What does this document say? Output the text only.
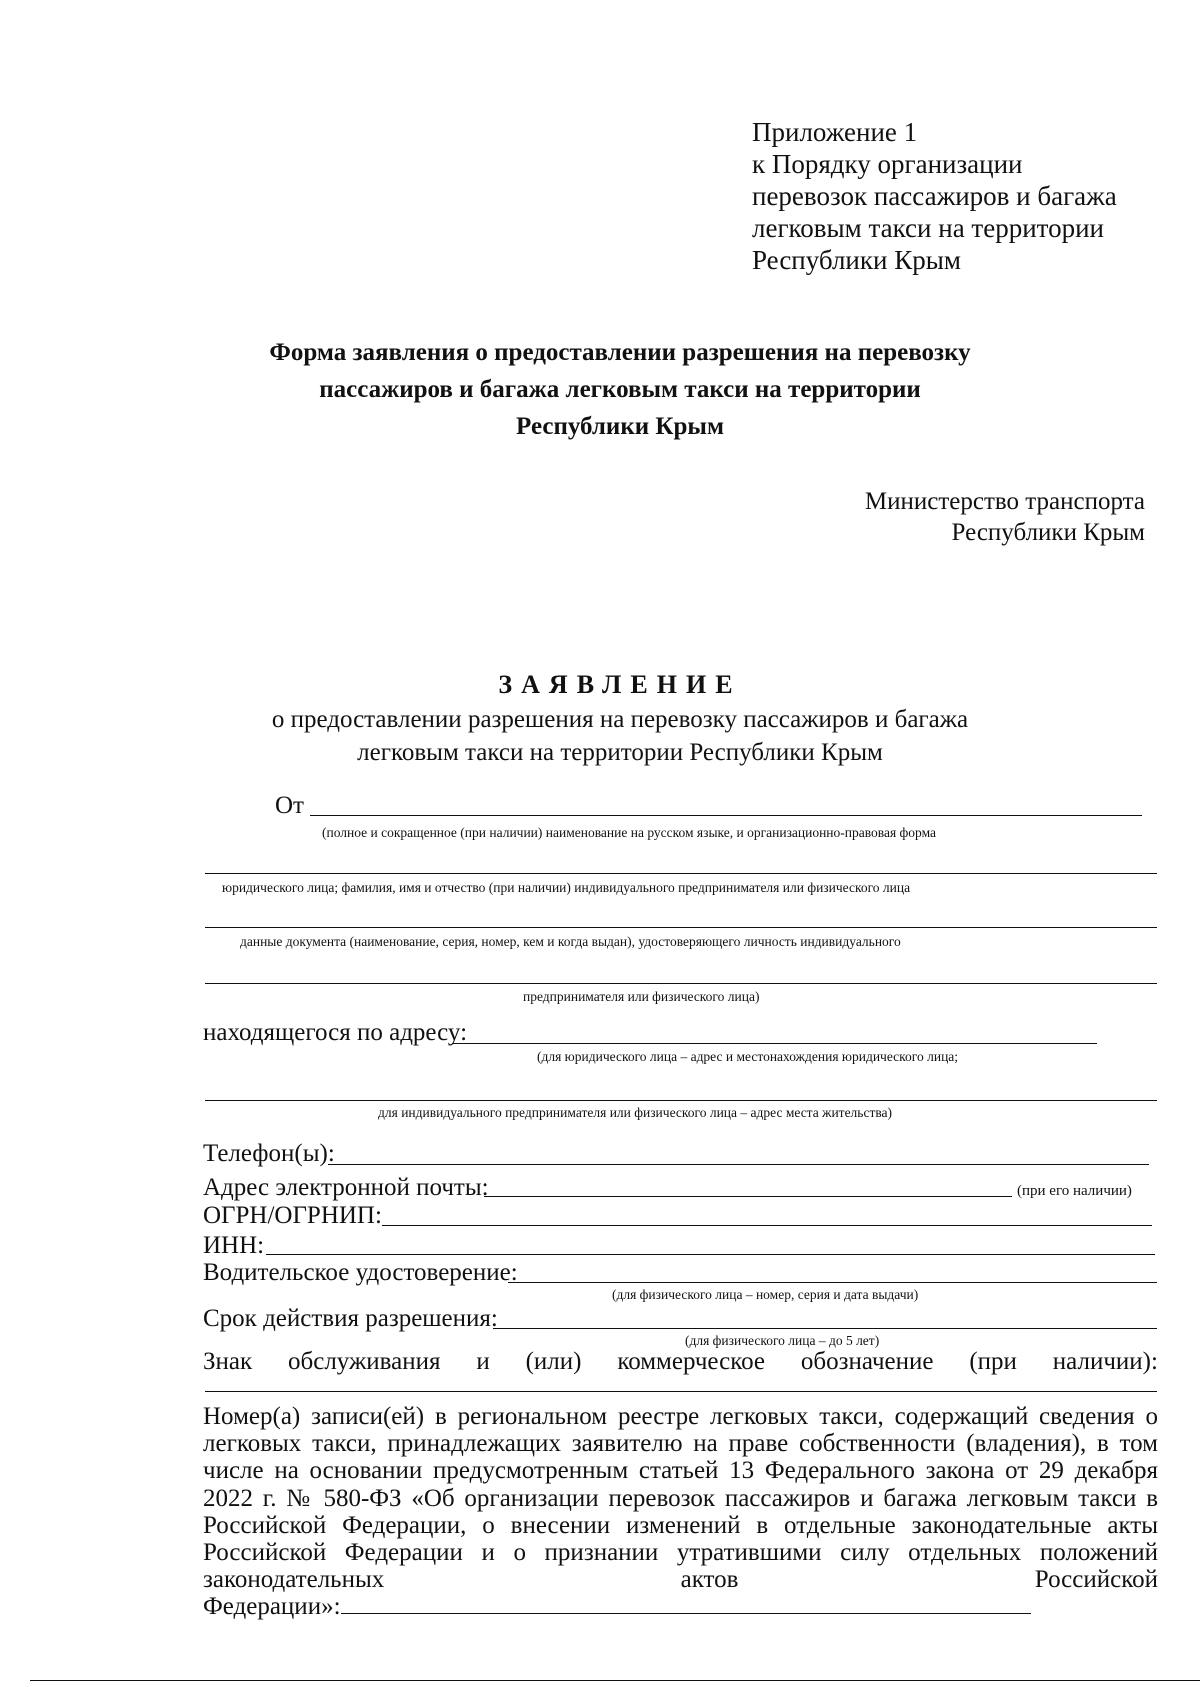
Приложение 1
к Порядку организации
перевозок пассажиров и багажа
легковым такси на территории
Республики Крым
Форма заявления о предоставлении разрешения на перевозку
пассажиров и багажа легковым такси на территории
Республики Крым
Министерство транспорта
Республики Крым
ЗАЯВЛЕНИЕ
о предоставлении разрешения на перевозку пассажиров и багажа
легковым такси на территории Республики Крым
От
(полное и сокращенное (при наличии) наименование на русском языке, и организационно-правовая форма
юридического лица; фамилия, имя и отчество (при наличии) индивидуального предпринимателя или физического лица
данные документа (наименование, серия, номер, кем и когда выдан), удостоверяющего личность индивидуального
предпринимателя или физического лица)
находящегося по адресу:
(для юридического лица – адрес и местонахождения юридического лица;
для индивидуального предпринимателя или физического лица – адрес места жительства)
Телефон(ы):
Адрес электронной почты:	(при его наличии)
ОГРН/ОГРНИП:
ИНН:
Водительское удостоверение:
(для физического лица – номер, серия и дата выдачи)
Срок действия разрешения:
(для физического лица – до 5 лет)
Знак обслуживания и (или) коммерческое обозначение (при наличии):
Номер(а) записи(ей) в региональном реестре легковых такси, содержащий сведения о легковых такси, принадлежащих заявителю на праве собственности (владения), в том числе на основании предусмотренным статьей 13 Федерального закона от 29 декабря 2022 г. № 580-ФЗ «Об организации перевозок пассажиров и багажа легковым такси в Российской Федерации, о внесении изменений в отдельные законодательные акты Российской Федерации и о признании утратившими силу отдельных положений законодательных актов Российской Федерации»:
